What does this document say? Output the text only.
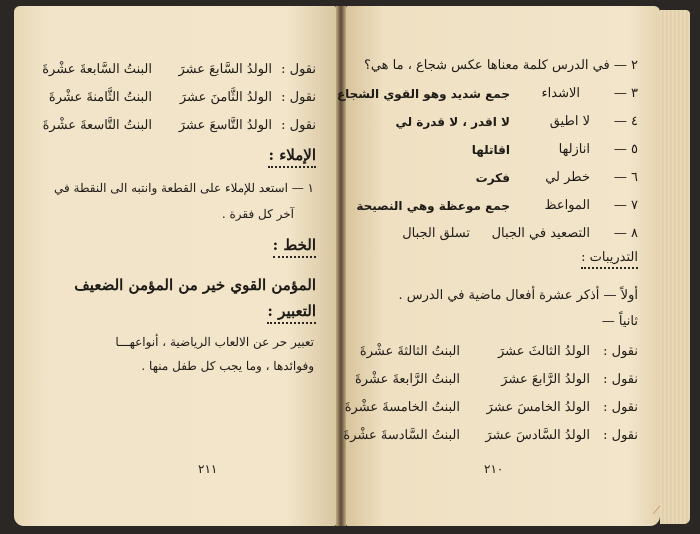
نقول :
الولدُ السَّابعَ عشرَ
البنتُ السَّابعةَ عشْرةَ
نقول :
الولدُ الثَّامنَ عشرَ
البنتُ الثَّامنةَ عشْرةَ
نقول :
الولدُ التَّاسعَ عشرَ
البنتُ التَّاسعةَ عشْرةَ
الإملاء :
١ — استعد للإملاء على القطعة وانتبه الى النقطة في
آخر كل فقرة .
الخط :
المؤمن القوي خير من المؤمن الضعيف
التعبير :
تعبير حر عن الالعاب الرياضية ، أنواعهـــا
وفوائدها ، وما يجب كل طفل منها .
٢١١
٢ — في الدرس كلمة معناها عكس شجاع ، ما هي؟
٣ —
الاشداء
جمع شديد وهو القوي الشجاع
٤ —
لا اطيق
لا اقدر ، لا قدرة لي
٥ —
انازلها
اقاتلها
٦ —
خطر لي
فكرت
٧ —
المواعظ
جمع موعظة وهي النصيحة
٨ —
التصعيد في الجبال
تسلق الجبال
التدريبات :
أولاً — أذكر عشرة أفعال ماضية في الدرس .
ثانياً —
نقول :
الولدُ الثالثَ عشرَ
البنتُ الثالثةَ عشْرةَ
نقول :
الولدُ الرَّابعَ عشرَ
البنتُ الرَّابعةَ عشْرةَ
نقول :
الولدُ الخامسَ عشرَ
البنتُ الخامسةَ عشْرةَ
نقول :
الولدُ السَّادسَ عشرَ
البنتُ السَّادسةَ عشْرةَ
٢١٠
